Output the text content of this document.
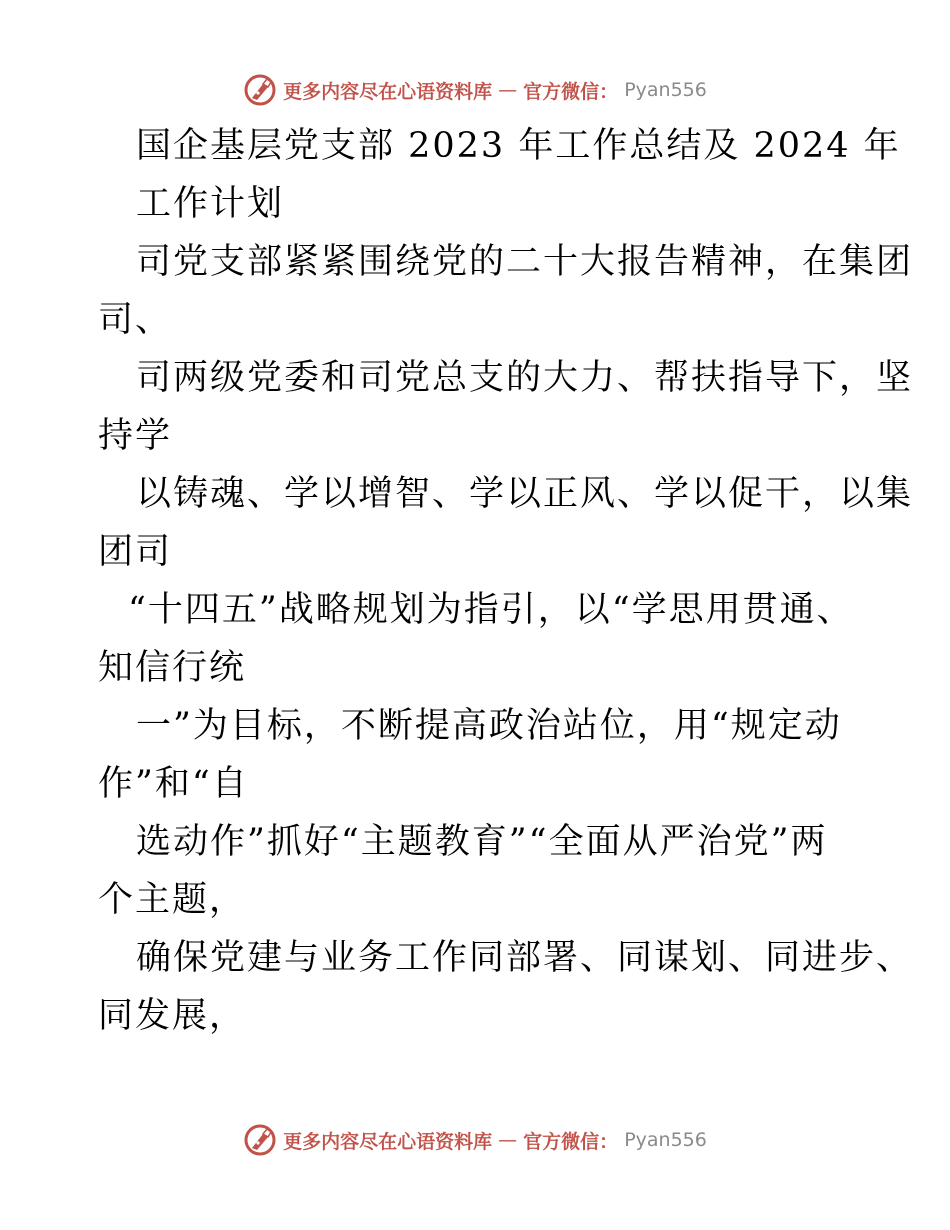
更多内容尽在心语资料库 — 官方微信： Pyan556
国企基层党支部 2023 年工作总结及 2024 年
工作计划
司党支部紧紧围绕党的二十大报告精神，在集团
司、
司两级党委和司党总支的大力、帮扶指导下，坚
持学
以铸魂、学以增智、学以正风、学以促干，以集
团司
“十四五”战略规划为指引，以“学思用贯通、
知信行统
一”为目标，不断提高政治站位，用“规定动
作”和“自
选动作”抓好“主题教育”“全面从严治党”两
个主题，
确保党建与业务工作同部署、同谋划、同进步、
同发展，
更多内容尽在心语资料库 — 官方微信： Pyan556
